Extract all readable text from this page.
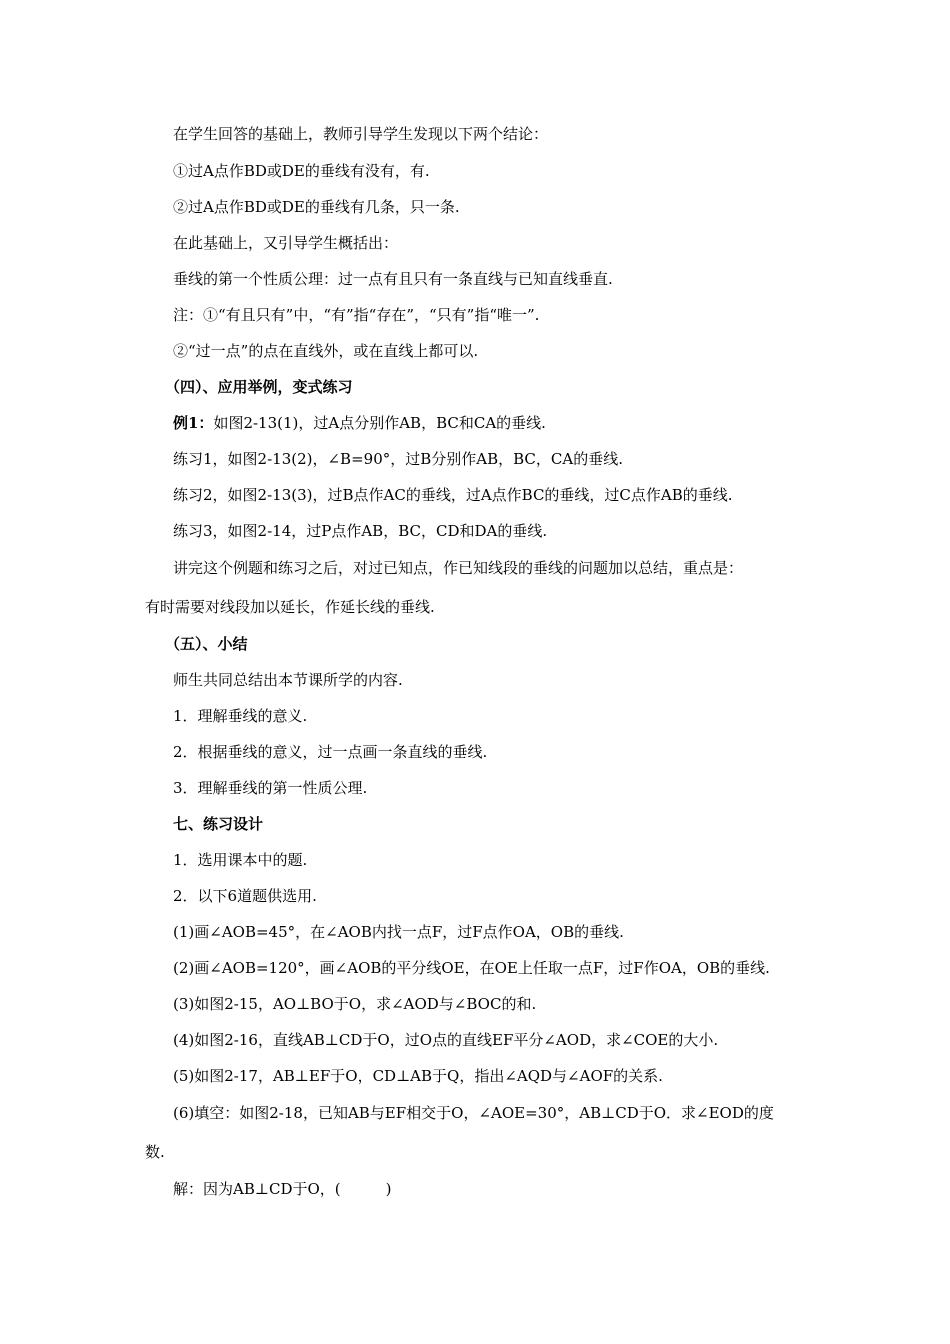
在学生回答的基础上，教师引导学生发现以下两个结论：
①过A点作BD或DE的垂线有没有，有.
②过A点作BD或DE的垂线有几条，只一条.
在此基础上，又引导学生概括出：
垂线的第一个性质公理：过一点有且只有一条直线与已知直线垂直.
注：①“有且只有”中，“有”指“存在”，“只有”指“唯一”.
②“过一点”的点在直线外，或在直线上都可以.
（四）、应用举例，变式练习
例1：如图2-13(1)，过A点分别作AB，BC和CA的垂线.
练习1，如图2-13(2)，∠B=90°，过B分别作AB，BC，CA的垂线.
练习2，如图2-13(3)，过B点作AC的垂线，过A点作BC的垂线，过C点作AB的垂线.
练习3，如图2-14，过P点作AB，BC，CD和DA的垂线.
讲完这个例题和练习之后，对过已知点，作已知线段的垂线的问题加以总结，重点是：
有时需要对线段加以延长，作延长线的垂线.
（五）、小结
师生共同总结出本节课所学的内容.
1．理解垂线的意义.
2．根据垂线的意义，过一点画一条直线的垂线.
3．理解垂线的第一性质公理.
七、练习设计
1．选用课本中的题.
2．以下6道题供选用.
(1)画∠AOB=45°，在∠AOB内找一点F，过F点作OA，OB的垂线.
(2)画∠AOB=120°，画∠AOB的平分线OE，在OE上任取一点F，过F作OA，OB的垂线.
(3)如图2-15，AO⊥BO于O，求∠AOD与∠BOC的和.
(4)如图2-16，直线AB⊥CD于O，过O点的直线EF平分∠AOD，求∠COE的大小.
(5)如图2-17，AB⊥EF于O，CD⊥AB于Q，指出∠AQD与∠AOF的关系.
(6)填空：如图2-18，已知AB与EF相交于O，∠AOE=30°，AB⊥CD于O．求∠EOD的度
数.
解：因为AB⊥CD于O，(　　　)
